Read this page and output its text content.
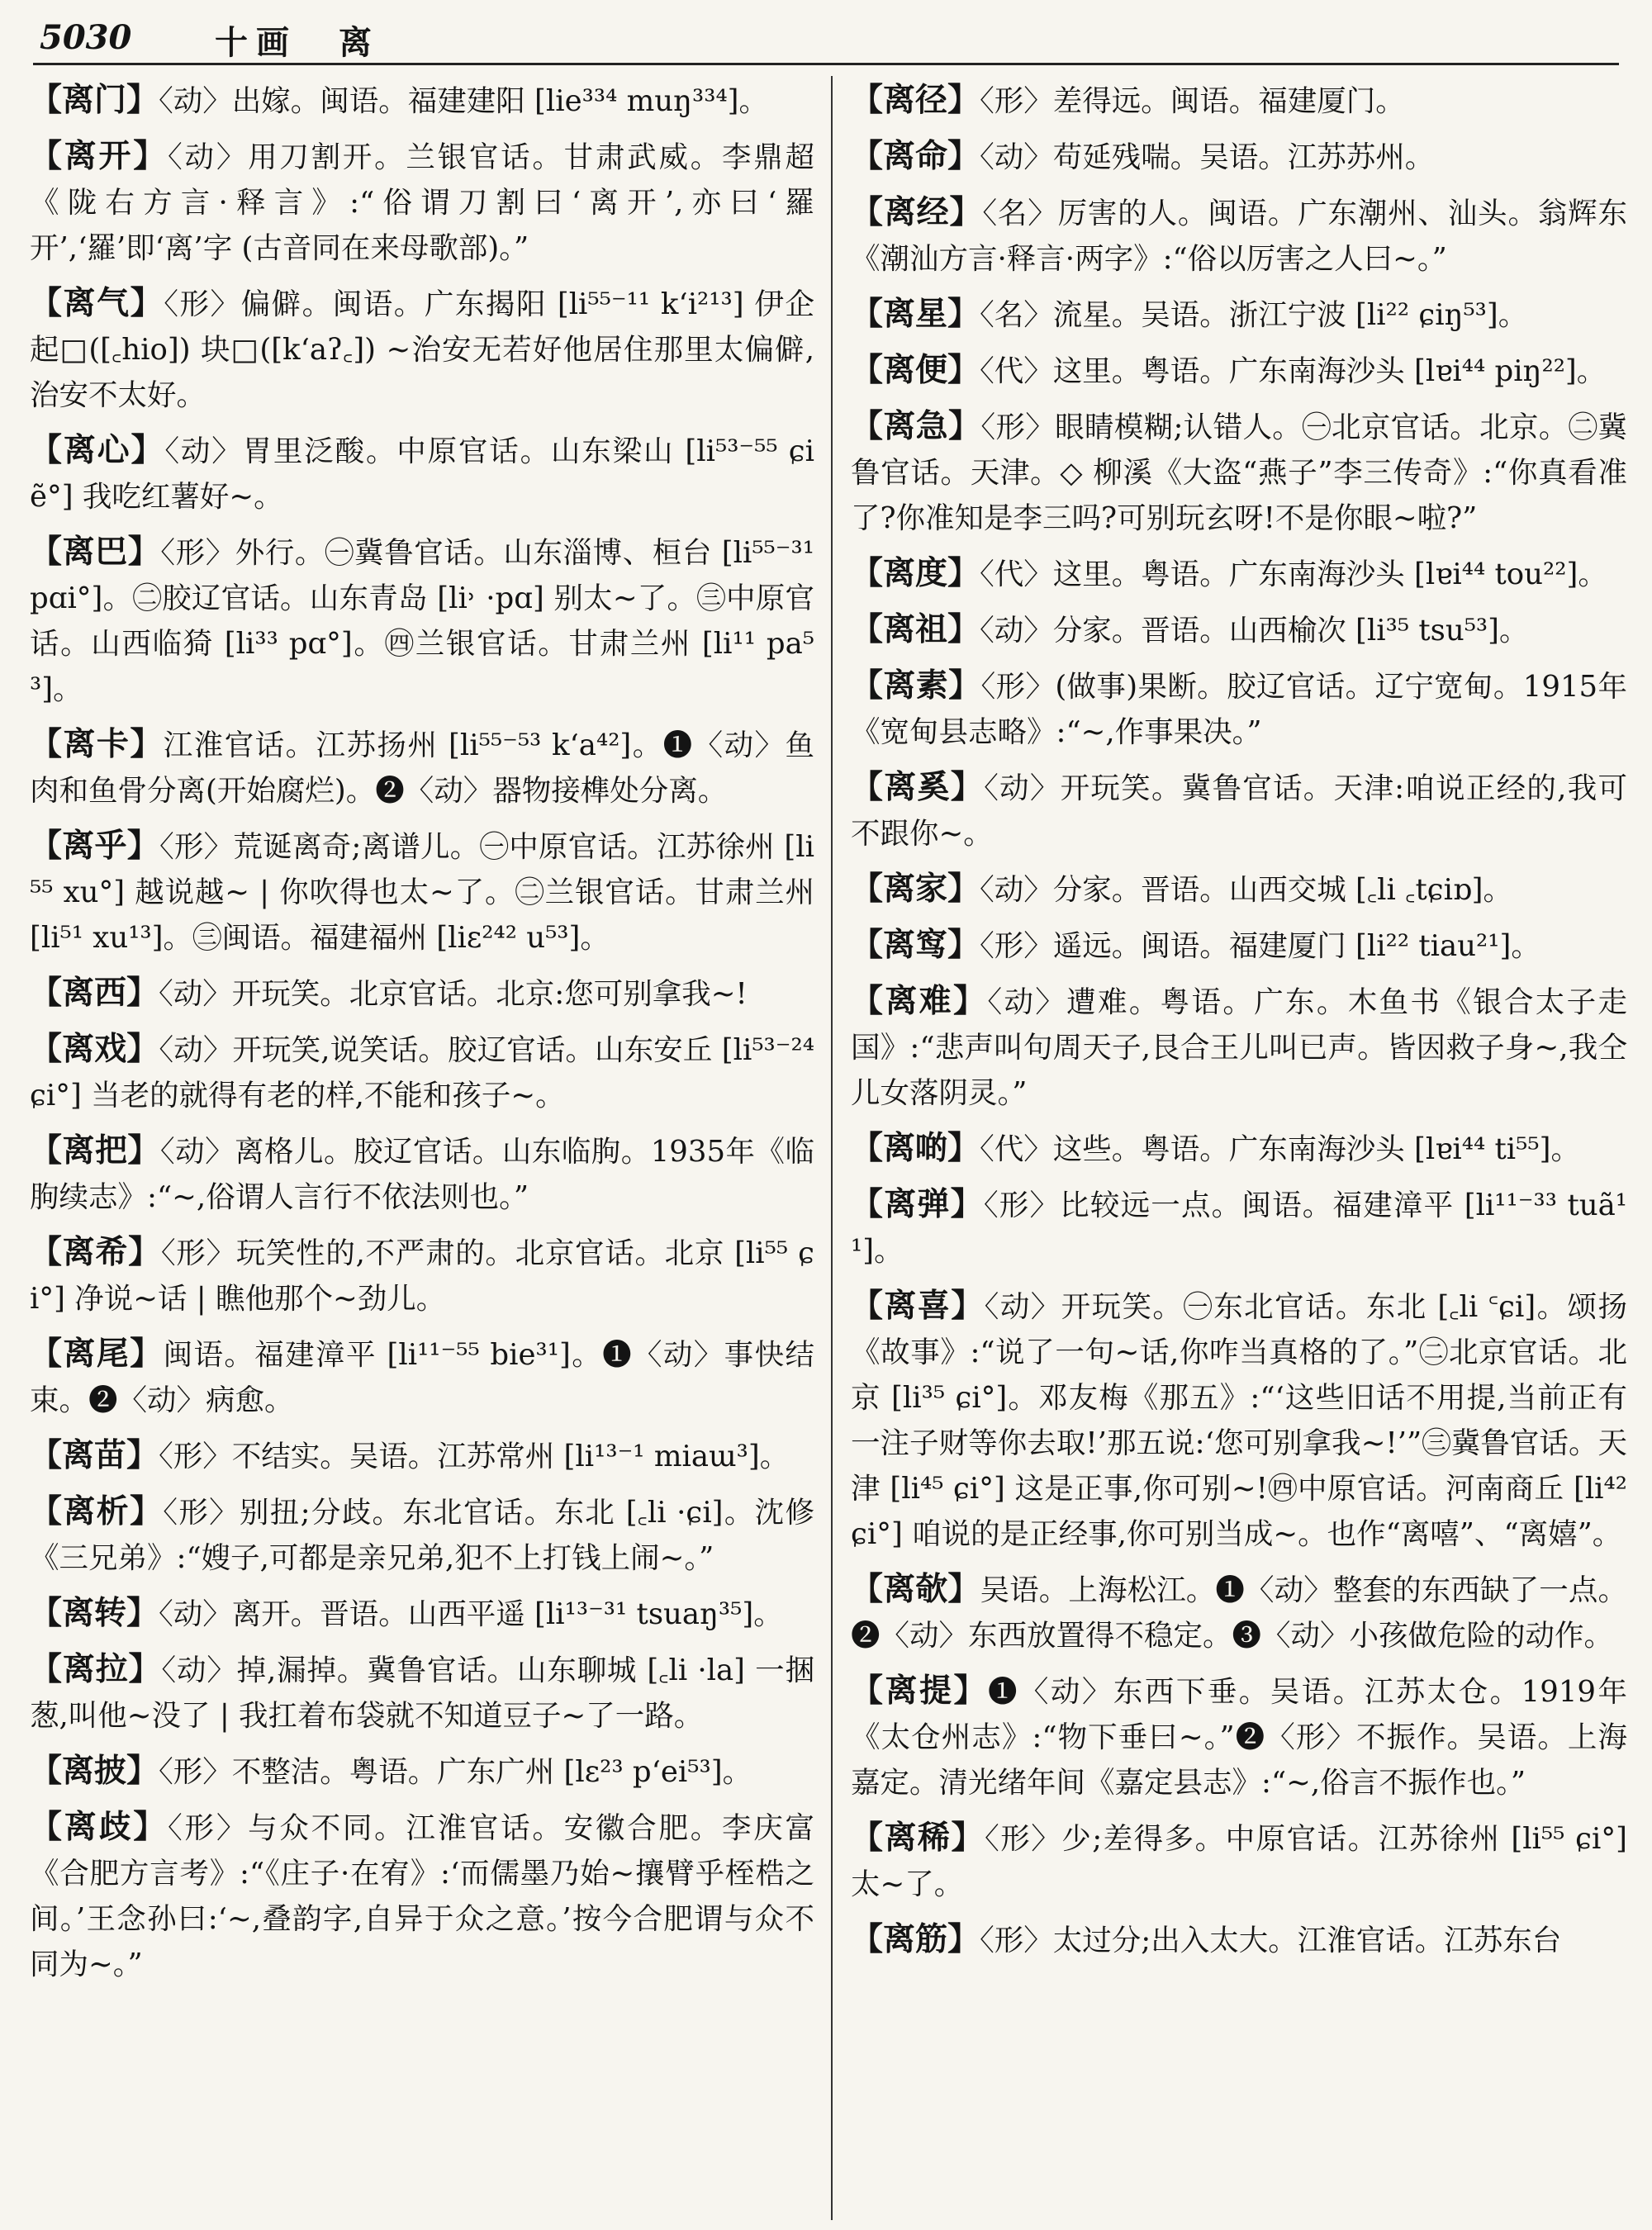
5030	十画　离
【离门】〈动〉出嫁。闽语。福建建阳 [lie³³⁴ muŋ³³⁴]。
【离开】〈动〉用刀割开。兰银官话。甘肃武威。李鼎超《陇右方言·释言》:“俗谓刀割曰‘离开’,亦曰‘羅开’,‘羅’即‘离’字 (古音同在来母歌部)。”
【离气】〈形〉偏僻。闽语。广东揭阳 [li⁵⁵⁻¹¹ k‘i²¹³] 伊企起□([꜀hio]) 块□([k‘aʔ꜀]) ~治安无若好他居住那里太偏僻,治安不太好。
【离心】〈动〉胃里泛酸。中原官话。山东梁山 [li⁵³⁻⁵⁵ ɕiẽ°] 我吃红薯好~。
【离巴】〈形〉外行。㊀冀鲁官话。山东淄博、桓台 [li⁵⁵⁻³¹ pɑi°]。㊁胶辽官话。山东青岛 [li˒ ·pɑ] 别太~了。㊂中原官话。山西临猗 [li³³ pɑ°]。㊃兰银官话。甘肃兰州 [li¹¹ pa⁵³]。
【离卡】江淮官话。江苏扬州 [li⁵⁵⁻⁵³ k‘a⁴²]。❶〈动〉鱼肉和鱼骨分离(开始腐烂)。❷〈动〉器物接榫处分离。
【离乎】〈形〉荒诞离奇;离谱儿。㊀中原官话。江苏徐州 [li⁵⁵ xu°] 越说越~ | 你吹得也太~了。㊁兰银官话。甘肃兰州 [li⁵¹ xu¹³]。㊂闽语。福建福州 [liɛ²⁴² u⁵³]。
【离西】〈动〉开玩笑。北京官话。北京:您可别拿我~!
【离戏】〈动〉开玩笑,说笑话。胶辽官话。山东安丘 [li⁵³⁻²⁴ ɕi°] 当老的就得有老的样,不能和孩子~。
【离把】〈动〉离格儿。胶辽官话。山东临朐。1935年《临朐续志》:“~,俗谓人言行不依法则也。”
【离希】〈形〉玩笑性的,不严肃的。北京官话。北京 [li⁵⁵ ɕi°] 净说~话 | 瞧他那个~劲儿。
【离尾】闽语。福建漳平 [li¹¹⁻⁵⁵ bie³¹]。❶〈动〉事快结束。❷〈动〉病愈。
【离苗】〈形〉不结实。吴语。江苏常州 [li¹³⁻¹ miaɯ³]。
【离析】〈形〉别扭;分歧。东北官话。东北 [꜀li ·ɕi]。沈修《三兄弟》:“嫂子,可都是亲兄弟,犯不上打钱上闹~。”
【离转】〈动〉离开。晋语。山西平遥 [li¹³⁻³¹ tsuaŋ³⁵]。
【离拉】〈动〉掉,漏掉。冀鲁官话。山东聊城 [꜀li ·la] 一捆葱,叫他~没了 | 我扛着布袋就不知道豆子~了一路。
【离披】〈形〉不整洁。粤语。广东广州 [lɛ²³ p‘ei⁵³]。
【离歧】〈形〉与众不同。江淮官话。安徽合肥。李庆富《合肥方言考》:“《庄子·在宥》:‘而儒墨乃始~攘臂乎桎梏之间。’王念孙曰:‘~,叠韵字,自异于众之意。’按今合肥谓与众不同为~。”
【离径】〈形〉差得远。闽语。福建厦门。
【离命】〈动〉苟延残喘。吴语。江苏苏州。
【离经】〈名〉厉害的人。闽语。广东潮州、汕头。翁辉东《潮汕方言·释言·两字》:“俗以厉害之人曰~。”
【离星】〈名〉流星。吴语。浙江宁波 [li²² ɕiŋ⁵³]。
【离便】〈代〉这里。粤语。广东南海沙头 [lɐi⁴⁴ piŋ²²]。
【离急】〈形〉眼睛模糊;认错人。㊀北京官话。北京。㊁冀鲁官话。天津。◇ 柳溪《大盗“燕子”李三传奇》:“你真看准了?你准知是李三吗?可别玩玄呀!不是你眼~啦?”
【离度】〈代〉这里。粤语。广东南海沙头 [lɐi⁴⁴ tou²²]。
【离祖】〈动〉分家。晋语。山西榆次 [li³⁵ tsu⁵³]。
【离素】〈形〉(做事)果断。胶辽官话。辽宁宽甸。1915年《宽甸县志略》:“~,作事果决。”
【离奚】〈动〉开玩笑。冀鲁官话。天津:咱说正经的,我可不跟你~。
【离家】〈动〉分家。晋语。山西交城 [꜀li ꜀tɕiɒ]。
【离窎】〈形〉遥远。闽语。福建厦门 [li²² tiau²¹]。
【离难】〈动〉遭难。粤语。广东。木鱼书《银合太子走国》:“悲声叫句周天子,艮合王儿叫已声。皆因救子身~,我仝儿女落阴灵。”
【离啲】〈代〉这些。粤语。广东南海沙头 [lɐi⁴⁴ ti⁵⁵]。
【离弹】〈形〉比较远一点。闽语。福建漳平 [li¹¹⁻³³ tuã¹¹]。
【离喜】〈动〉开玩笑。㊀东北官话。东北 [꜀li ꜂ɕi]。颂扬《故事》:“说了一句~话,你咋当真格的了。”㊁北京官话。北京 [li³⁵ ɕi°]。邓友梅《那五》:“‘这些旧话不用提,当前正有一注子财等你去取!’那五说:‘您可别拿我~!’”㊂冀鲁官话。天津 [li⁴⁵ ɕi°] 这是正事,你可别~!㊃中原官话。河南商丘 [li⁴² ɕi°] 咱说的是正经事,你可别当成~。也作“离嘻”、“离嬉”。
【离欹】吴语。上海松江。❶〈动〉整套的东西缺了一点。❷〈动〉东西放置得不稳定。❸〈动〉小孩做危险的动作。
【离提】❶〈动〉东西下垂。吴语。江苏太仓。1919年《太仓州志》:“物下垂曰~。”❷〈形〉不振作。吴语。上海嘉定。清光绪年间《嘉定县志》:“~,俗言不振作也。”
【离稀】〈形〉少;差得多。中原官话。江苏徐州 [li⁵⁵ ɕi°] 太~了。
【离筋】〈形〉太过分;出入太大。江淮官话。江苏东台
